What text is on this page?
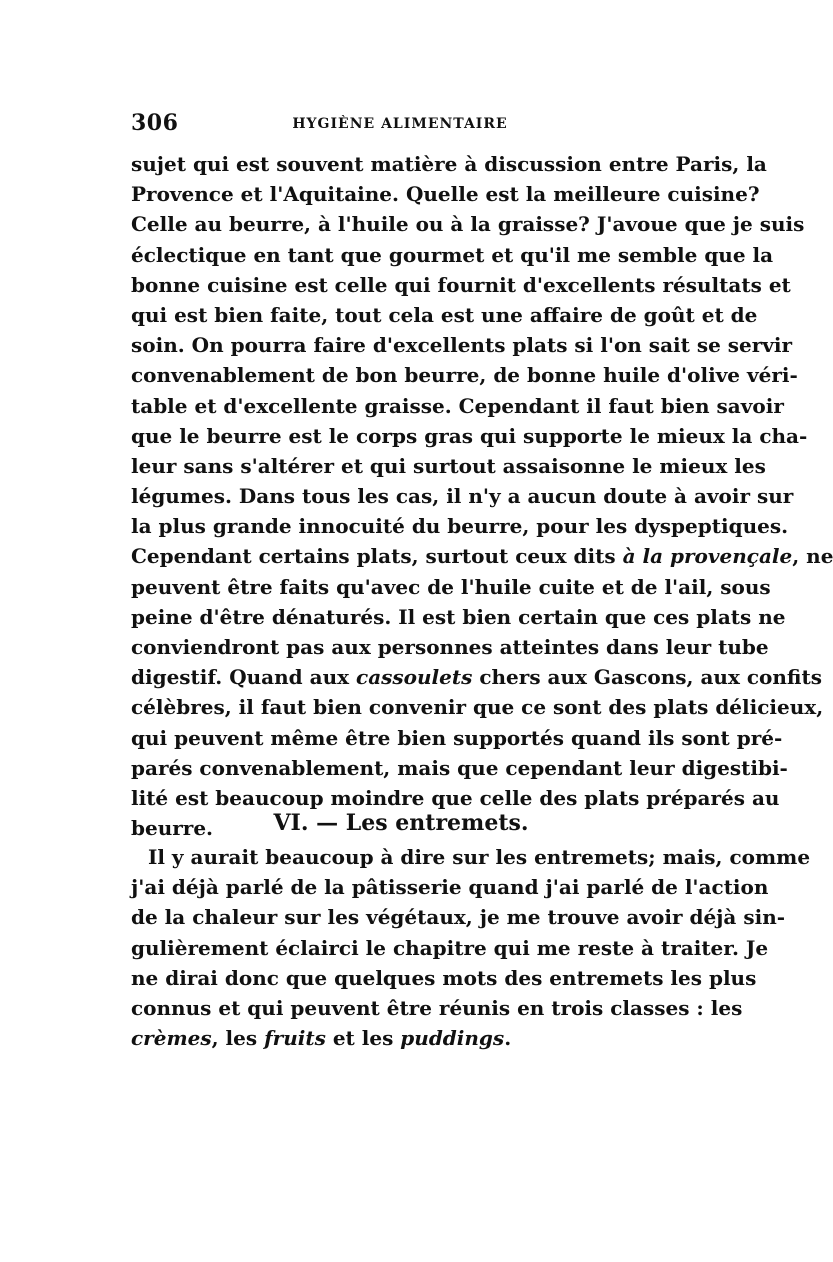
306	HYGIÈNE ALIMENTAIRE
sujet qui est souvent matière à discussion entre Paris, la
Provence et l'Aquitaine. Quelle est la meilleure cuisine?
Celle au beurre, à l'huile ou à la graisse? J'avoue que je suis
éclectique en tant que gourmet et qu'il me semble que la
bonne cuisine est celle qui fournit d'excellents résultats et
qui est bien faite, tout cela est une affaire de goût et de
soin. On pourra faire d'excellents plats si l'on sait se servir
convenablement de bon beurre, de bonne huile d'olive véri-
table et d'excellente graisse. Cependant il faut bien savoir
que le beurre est le corps gras qui supporte le mieux la cha-
leur sans s'altérer et qui surtout assaisonne le mieux les
légumes. Dans tous les cas, il n'y a aucun doute à avoir sur
la plus grande innocuité du beurre, pour les dyspeptiques.
Cependant certains plats, surtout ceux dits à la provençale, ne
peuvent être faits qu'avec de l'huile cuite et de l'ail, sous
peine d'être dénaturés. Il est bien certain que ces plats ne
conviendront pas aux personnes atteintes dans leur tube
digestif. Quand aux cassoulets chers aux Gascons, aux confits
célèbres, il faut bien convenir que ce sont des plats délicieux,
qui peuvent même être bien supportés quand ils sont pré-
parés convenablement, mais que cependant leur digestibi-
lité est beaucoup moindre que celle des plats préparés au
beurre.	VI. — Les entremets.
Il y aurait beaucoup à dire sur les entremets; mais, comme
j'ai déjà parlé de la pâtisserie quand j'ai parlé de l'action
de la chaleur sur les végétaux, je me trouve avoir déjà sin-
gulièrement éclairci le chapitre qui me reste à traiter. Je
ne dirai donc que quelques mots des entremets les plus
connus et qui peuvent être réunis en trois classes : les
crèmes, les fruits et les puddings.
